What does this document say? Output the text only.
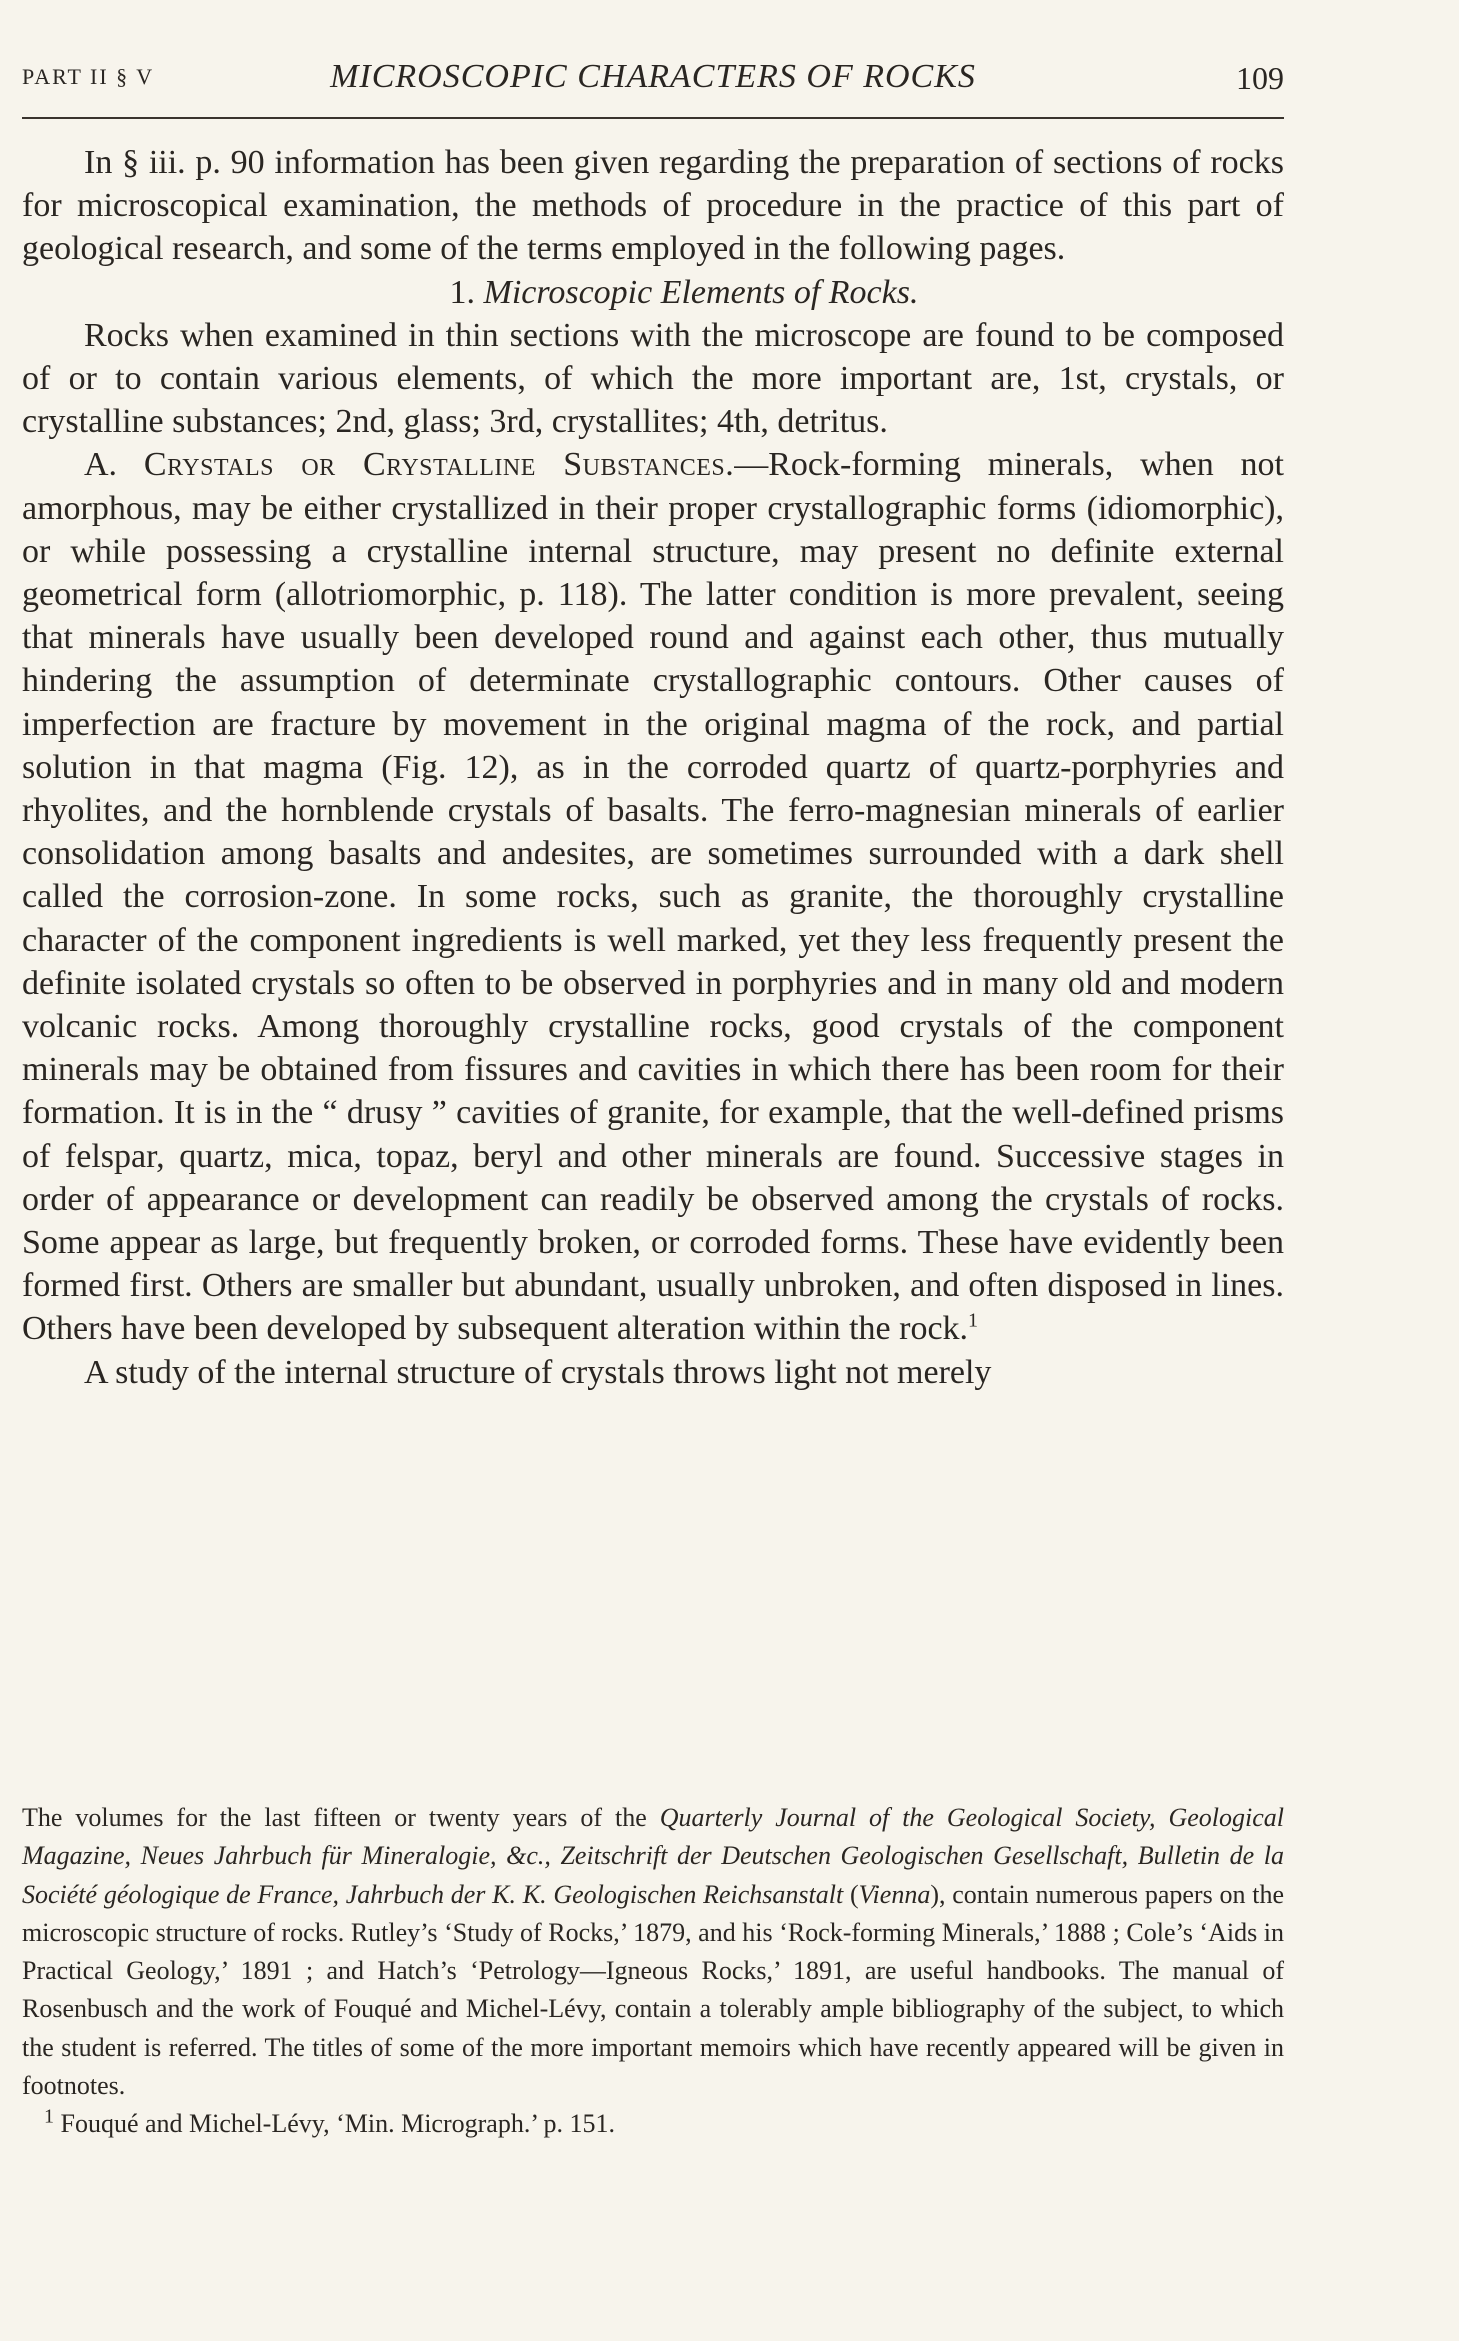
PART II § V	MICROSCOPIC CHARACTERS OF ROCKS	109

In § iii. p. 90 information has been given regarding the preparation of sections of rocks for microscopical examination, the methods of procedure in the practice of this part of geological research, and some of the terms employed in the following pages.

1. Microscopic Elements of Rocks.

Rocks when examined in thin sections with the microscope are found to be composed of or to contain various elements, of which the more important are, 1st, crystals, or crystalline substances; 2nd, glass; 3rd, crystallites; 4th, detritus.

A. Crystals or Crystalline Substances.—Rock-forming minerals, when not amorphous, may be either crystallized in their proper crystallographic forms (idiomorphic), or while possessing a crystalline internal structure, may present no definite external geometrical form (allotriomorphic, p. 118). The latter condition is more prevalent, seeing that minerals have usually been developed round and against each other, thus mutually hindering the assumption of determinate crystallographic contours. Other causes of imperfection are fracture by movement in the original magma of the rock, and partial solution in that magma (Fig. 12), as in the corroded quartz of quartz-porphyries and rhyolites, and the hornblende crystals of basalts. The ferro-magnesian minerals of earlier consolidation among basalts and andesites, are sometimes surrounded with a dark shell called the corrosion-zone. In some rocks, such as granite, the thoroughly crystalline character of the component ingredients is well marked, yet they less frequently present the definite isolated crystals so often to be observed in porphyries and in many old and modern volcanic rocks. Among thoroughly crystalline rocks, good crystals of the component minerals may be obtained from fissures and cavities in which there has been room for their formation. It is in the “ drusy ” cavities of granite, for example, that the well-defined prisms of felspar, quartz, mica, topaz, beryl and other minerals are found. Successive stages in order of appearance or development can readily be observed among the crystals of rocks. Some appear as large, but frequently broken, or corroded forms. These have evidently been formed first. Others are smaller but abundant, usually unbroken, and often disposed in lines. Others have been developed by subsequent alteration within the rock.$^1$

A study of the internal structure of crystals throws light not merely

The volumes for the last fifteen or twenty years of the Quarterly Journal of the Geological Society, Geological Magazine, Neues Jahrbuch für Mineralogie, &c., Zeitschrift der Deutschen Geologischen Gesellschaft, Bulletin de la Société géologique de France, Jahrbuch der K. K. Geologischen Reichsanstalt (Vienna), contain numerous papers on the microscopic structure of rocks. Rutley’s ‘Study of Rocks,’ 1879, and his ‘Rock-forming Minerals,’ 1888 ; Cole’s ‘Aids in Practical Geology,’ 1891 ; and Hatch’s ‘Petrology—Igneous Rocks,’ 1891, are useful handbooks. The manual of Rosenbusch and the work of Fouqué and Michel-Lévy, contain a tolerably ample bibliography of the subject, to which the student is referred. The titles of some of the more important memoirs which have recently appeared will be given in footnotes.

$^1$ Fouqué and Michel-Lévy, ‘Min. Micrograph.’ p. 151.
